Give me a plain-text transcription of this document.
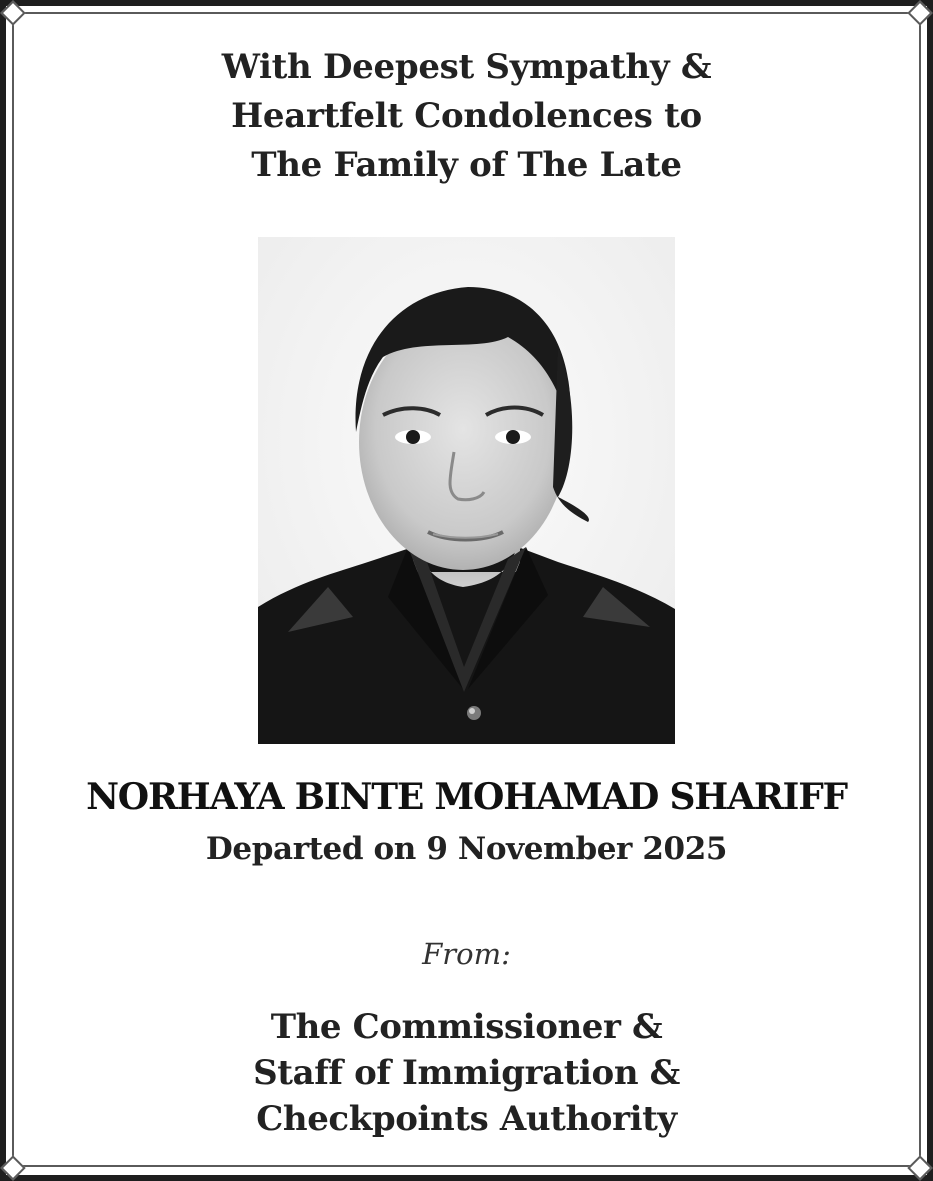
With Deepest Sympathy &
Heartfelt Condolences to
The Family of The Late
NORHAYA BINTE MOHAMAD SHARIFF
Departed on 9 November 2025
From:
The Commissioner &
Staff of Immigration &
Checkpoints Authority
